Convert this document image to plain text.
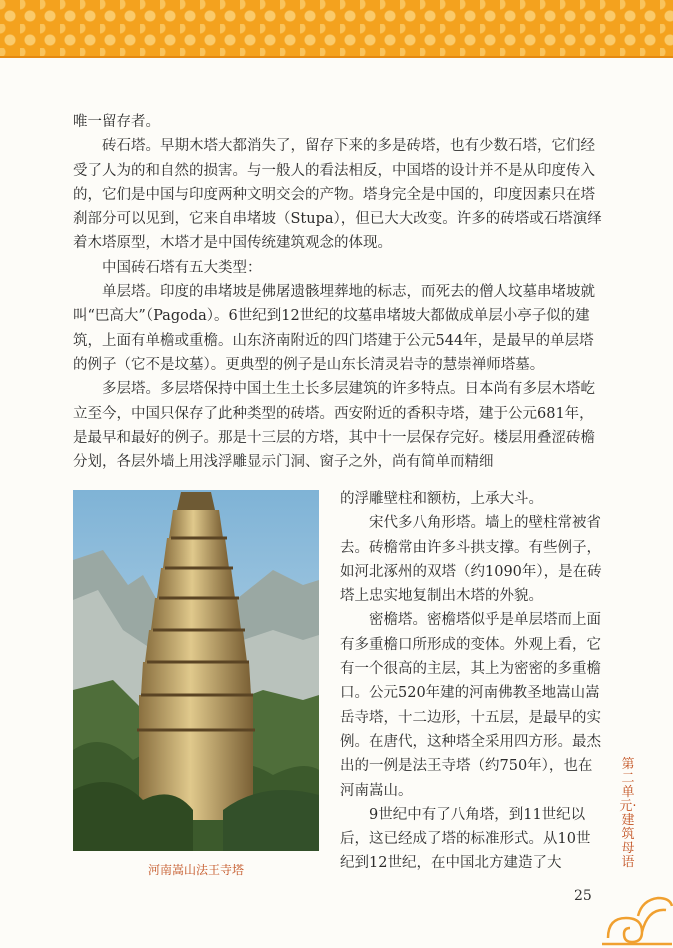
唯一留存者。

砖石塔。早期木塔大都消失了，留存下来的多是砖塔，也有少数石塔，它们经受了人为的和自然的损害。与一般人的看法相反，中国塔的设计并不是从印度传入的，它们是中国与印度两种文明交会的产物。塔身完全是中国的，印度因素只在塔刹部分可以见到，它来自串堵坡（Stupa），但已大大改变。许多的砖塔或石塔演绎着木塔原型，木塔才是中国传统建筑观念的体现。

中国砖石塔有五大类型：

单层塔。印度的串堵坡是佛屠遗骸埋葬地的标志，而死去的僧人坟墓串堵坡就叫“巴高大”（Pagoda）。6世纪到12世纪的坟墓串堵坡大都做成单层小亭子似的建筑，上面有单檐或重檐。山东济南附近的四门塔建于公元544年，是最早的单层塔的例子（它不是坟墓）。更典型的例子是山东长清灵岩寺的慧崇禅师塔墓。

多层塔。多层塔保持中国土生土长多层建筑的许多特点。日本尚有多层木塔屹立至今，中国只保存了此种类型的砖塔。西安附近的香积寺塔，建于公元681年，是最早和最好的例子。那是十三层的方塔，其中十一层保存完好。楼层用叠涩砖檐分划，各层外墙上用浅浮雕显示门洞、窗子之外，尚有简单而精细

河南嵩山法王寺塔

的浮雕壁柱和额枋，上承大斗。

宋代多八角形塔。墙上的壁柱常被省去。砖檐常由许多斗拱支撑。有些例子，如河北涿州的双塔（约1090年），是在砖塔上忠实地复制出木塔的外貌。

密檐塔。密檐塔似乎是单层塔而上面有多重檐口所形成的变体。外观上看，它有一个很高的主层，其上为密密的多重檐口。公元520年建的河南佛教圣地嵩山嵩岳寺塔，十二边形，十五层，是最早的实例。在唐代，这种塔全采用四方形。最杰出的一例是法王寺塔（约750年），也在河南嵩山。

9世纪中有了八角塔，到11世纪以后，这已经成了塔的标准形式。从10世纪到12世纪，在中国北方建造了大

第二单元·建筑母语
25
